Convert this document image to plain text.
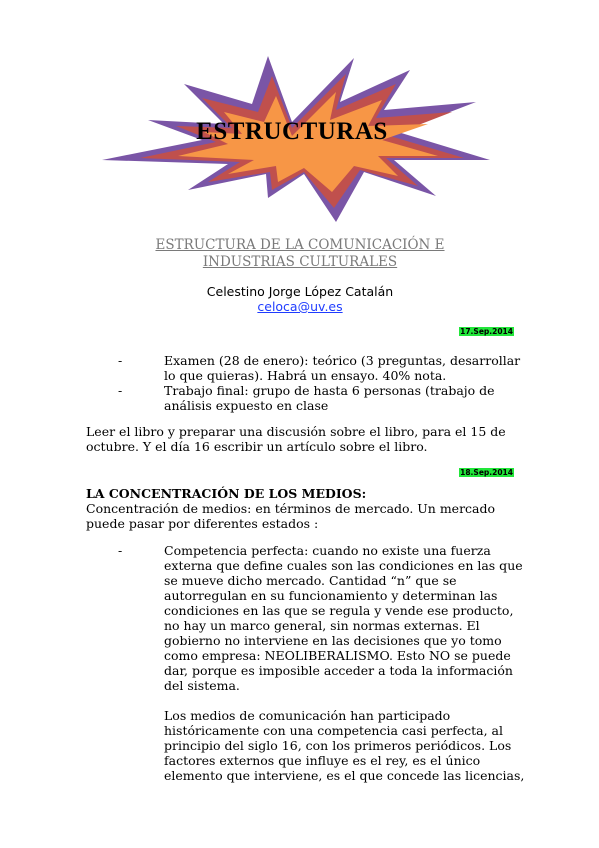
ESTRUCTURAS
ESTRUCTURA DE LA COMUNICACIÓN E
INDUSTRIAS CULTURALES
Celestino Jorge López Catalán
celoca@uv.es
17.Sep.2014
-	Examen (28 de enero): teórico (3 preguntas, desarrollar
lo que quieras). Habrá un ensayo. 40% nota.
-	Trabajo final: grupo de hasta 6 personas (trabajo de
análisis expuesto en clase
Leer el libro y preparar una discusión sobre el libro, para el 15 de
octubre. Y el día 16 escribir un artículo sobre el libro.
18.Sep.2014
LA CONCENTRACIÓN DE LOS MEDIOS:
Concentración de medios: en términos de mercado. Un mercado
puede pasar por diferentes estados :
-	Competencia perfecta: cuando no existe una fuerza
externa que define cuales son las condiciones en las que
se mueve dicho mercado. Cantidad “n” que se
autorregulan en su funcionamiento y determinan las
condiciones en las que se regula y vende ese producto,
no hay un marco general, sin normas externas. El
gobierno no interviene en las decisiones que yo tomo
como empresa: NEOLIBERALISMO. Esto NO se puede
dar, porque es imposible acceder a toda la información
del sistema.
Los medios de comunicación han participado
históricamente con una competencia casi perfecta, al
principio del siglo 16, con los primeros periódicos. Los
factores externos que influye es el rey, es el único
elemento que interviene, es el que concede las licencias,
